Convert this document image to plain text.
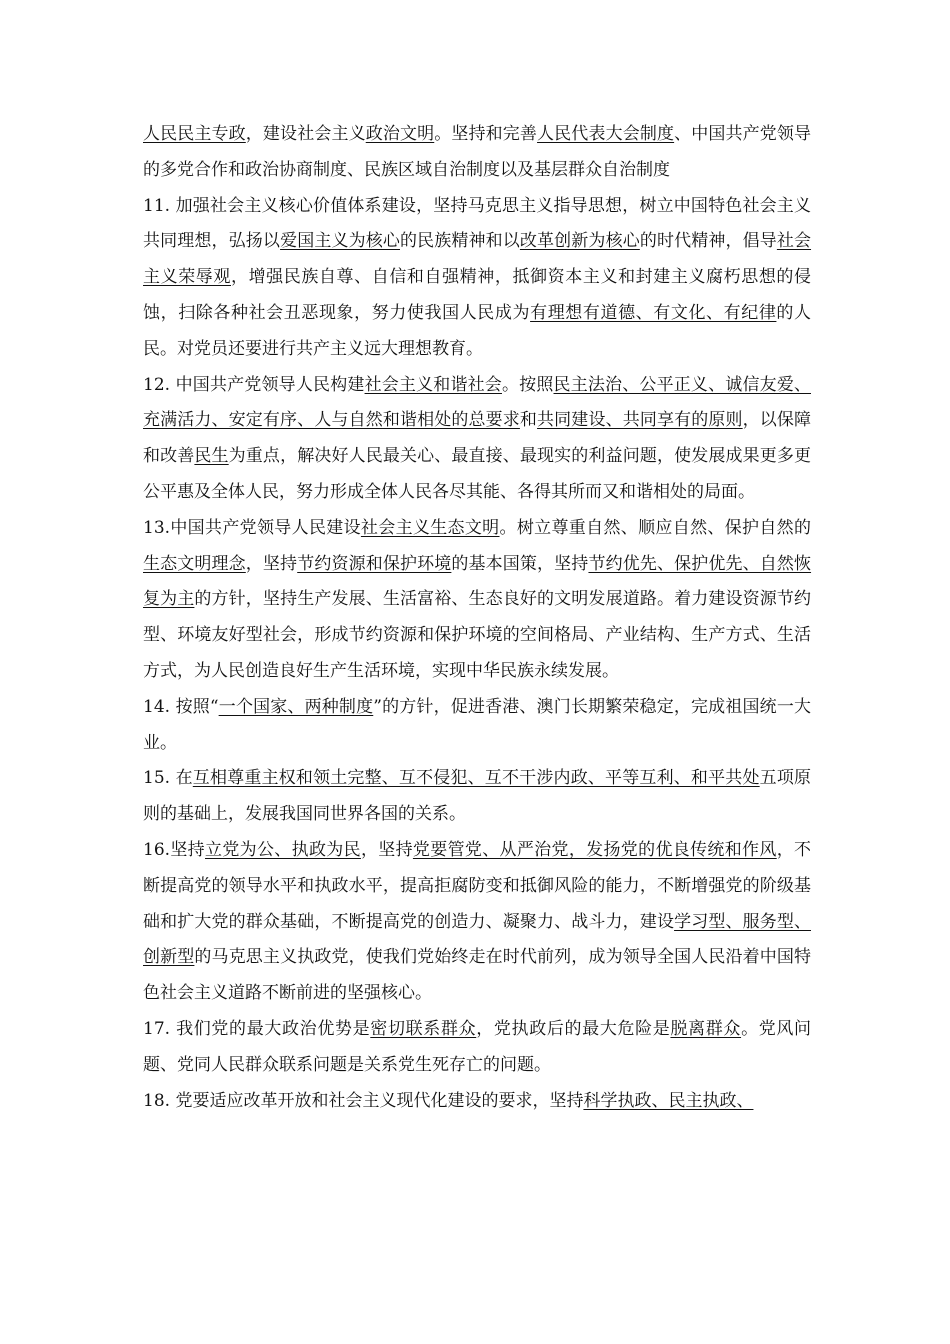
人民民主专政，建设社会主义政治文明。坚持和完善人民代表大会制度、中国共产党领导的多党合作和政治协商制度、民族区域自治制度以及基层群众自治制度

11. 加强社会主义核心价值体系建设，坚持马克思主义指导思想，树立中国特色社会主义共同理想，弘扬以爱国主义为核心的民族精神和以改革创新为核心的时代精神，倡导社会主义荣辱观，增强民族自尊、自信和自强精神，抵御资本主义和封建主义腐朽思想的侵蚀，扫除各种社会丑恶现象，努力使我国人民成为有理想有道德、有文化、有纪律的人民。对党员还要进行共产主义远大理想教育。

12. 中国共产党领导人民构建社会主义和谐社会。按照民主法治、公平正义、诚信友爱、充满活力、安定有序、人与自然和谐相处的总要求和共同建设、共同享有的原则，以保障和改善民生为重点，解决好人民最关心、最直接、最现实的利益问题，使发展成果更多更公平惠及全体人民，努力形成全体人民各尽其能、各得其所而又和谐相处的局面。

13.中国共产党领导人民建设社会主义生态文明。树立尊重自然、顺应自然、保护自然的生态文明理念，坚持节约资源和保护环境的基本国策，坚持节约优先、保护优先、自然恢复为主的方针，坚持生产发展、生活富裕、生态良好的文明发展道路。着力建设资源节约型、环境友好型社会，形成节约资源和保护环境的空间格局、产业结构、生产方式、生活方式，为人民创造良好生产生活环境，实现中华民族永续发展。

14. 按照“一个国家、两种制度”的方针，促进香港、澳门长期繁荣稳定，完成祖国统一大业。

15. 在互相尊重主权和领土完整、互不侵犯、互不干涉内政、平等互利、和平共处五项原则的基础上，发展我国同世界各国的关系。

16.坚持立党为公、执政为民，坚持党要管党、从严治党，发扬党的优良传统和作风，不断提高党的领导水平和执政水平，提高拒腐防变和抵御风险的能力，不断增强党的阶级基础和扩大党的群众基础，不断提高党的创造力、凝聚力、战斗力，建设学习型、服务型、创新型的马克思主义执政党，使我们党始终走在时代前列，成为领导全国人民沿着中国特色社会主义道路不断前进的坚强核心。

17. 我们党的最大政治优势是密切联系群众，党执政后的最大危险是脱离群众。党风问题、党同人民群众联系问题是关系党生死存亡的问题。

18. 党要适应改革开放和社会主义现代化建设的要求，坚持科学执政、民主执政、
